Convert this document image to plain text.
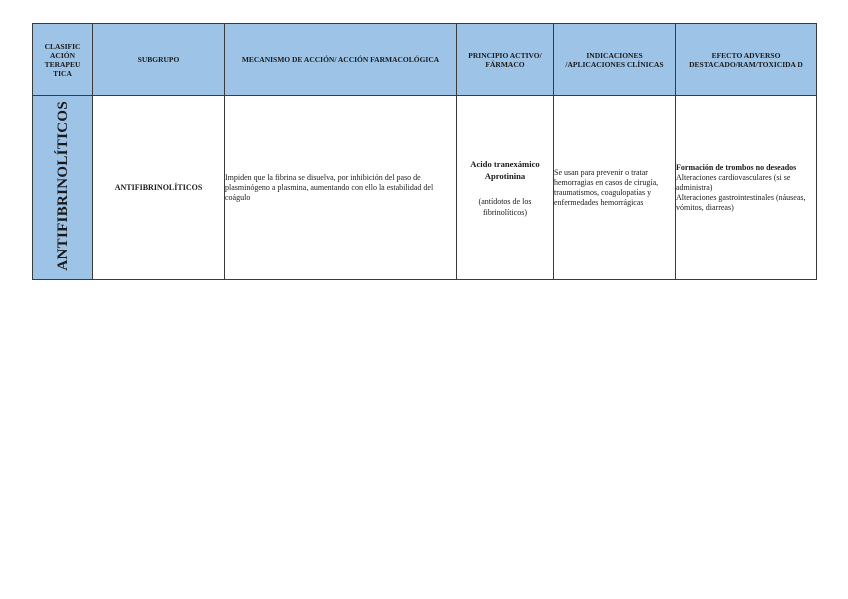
CLASIFIC ACIÓN TERAPEU TICA	SUBGRUPO	MECANISMO DE ACCIÓN/ ACCIÓN FARMACOLÓGICA	PRINCIPIO ACTIVO/ FÁRMACO	INDICACIONES /APLICACIONES CLÍNICAS	EFECTO ADVERSO DESTACADO/RAM/TOXICIDA D

ANTIFIBRINOLÍTICOS	ANTIFIBRINOLÍTICOS	Impiden que la fibrina se disuelva, por inhibición del paso de plasminógeno a plasmina, aumentando con ello la estabilidad del coágulo	Acido tranexámico
Aprotinina
(antídotos de los fibrinolíticos)	Se usan para prevenir o tratar hemorragias en casos de cirugía, traumatismos, coagulopatías y enfermedades hemorrágicas	Formación de trombos no deseados
Alteraciones cardiovasculares (si se administra)
Alteraciones gastrointestinales (náuseas, vómitos, diarreas)
